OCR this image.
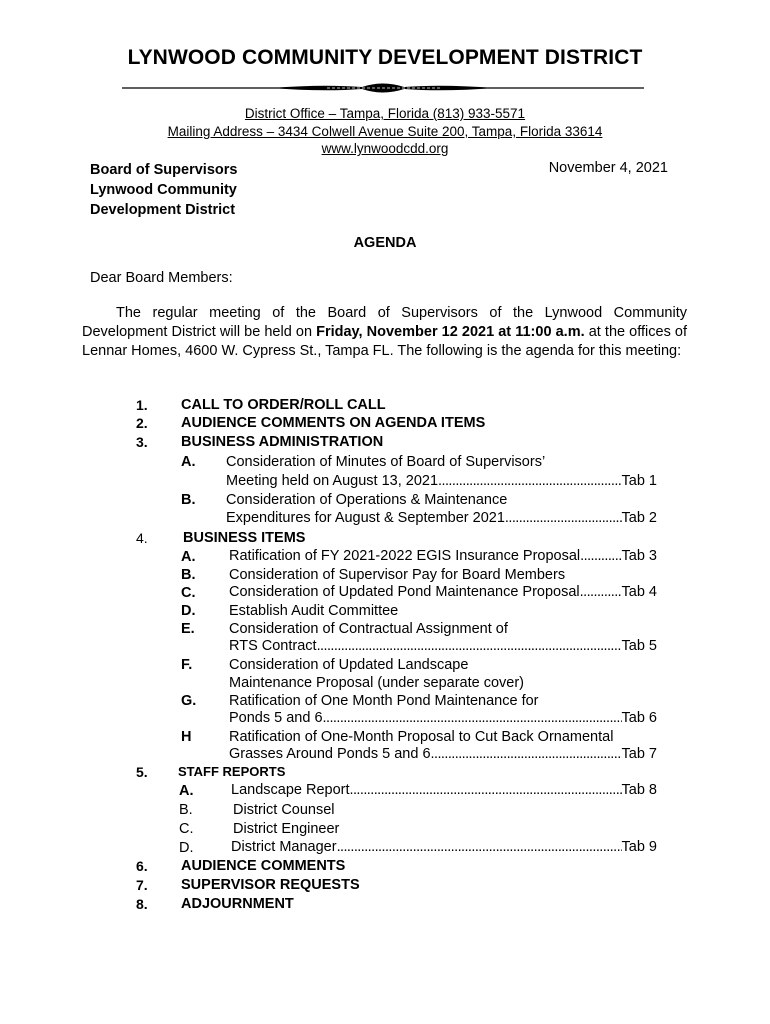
LYNWOOD COMMUNITY DEVELOPMENT DISTRICT
District Office – Tampa, Florida (813) 933-5571
Mailing Address – 3434 Colwell Avenue Suite 200, Tampa, Florida 33614
www.lynwoodcdd.org
Board of Supervisors
Lynwood Community
Development District
November 4, 2021
AGENDA
Dear Board Members:
The regular meeting of the Board of Supervisors of the Lynwood Community Development District will be held on Friday, November 12 2021 at 11:00 a.m. at the offices of Lennar Homes, 4600 W. Cypress St., Tampa FL. The following is the agenda for this meeting:
1. CALL TO ORDER/ROLL CALL
2. AUDIENCE COMMENTS ON AGENDA ITEMS
3. BUSINESS ADMINISTRATION
A. Consideration of Minutes of Board of Supervisors’
Meeting held on August 13, 2021 . . .	Tab 1
B. Consideration of Operations & Maintenance
Expenditures for August & September 2021 . . .	Tab 2
4. BUSINESS ITEMS
A. Ratification of FY 2021-2022 EGIS Insurance Proposal . . .	Tab 3
B. Consideration of Supervisor Pay for Board Members
C. Consideration of Updated Pond Maintenance Proposal . . .	Tab 4
D. Establish Audit Committee
E. Consideration of Contractual Assignment of
RTS Contract . . .	Tab 5
F.	Consideration of Updated Landscape
Maintenance Proposal (under separate cover)
G. Ratification of One Month Pond Maintenance for
Ponds 5 and 6 . . .	Tab 6
H	Ratification of One-Month Proposal to Cut Back Ornamental
Grasses Around Ponds 5 and 6 . . .	Tab 7
5. STAFF REPORTS
A.	Landscape Report . . .	Tab 8
B.	District Counsel
C.	District Engineer
D.	District Manager . . .	Tab 9
6. AUDIENCE COMMENTS
7. SUPERVISOR REQUESTS
8. ADJOURNMENT
